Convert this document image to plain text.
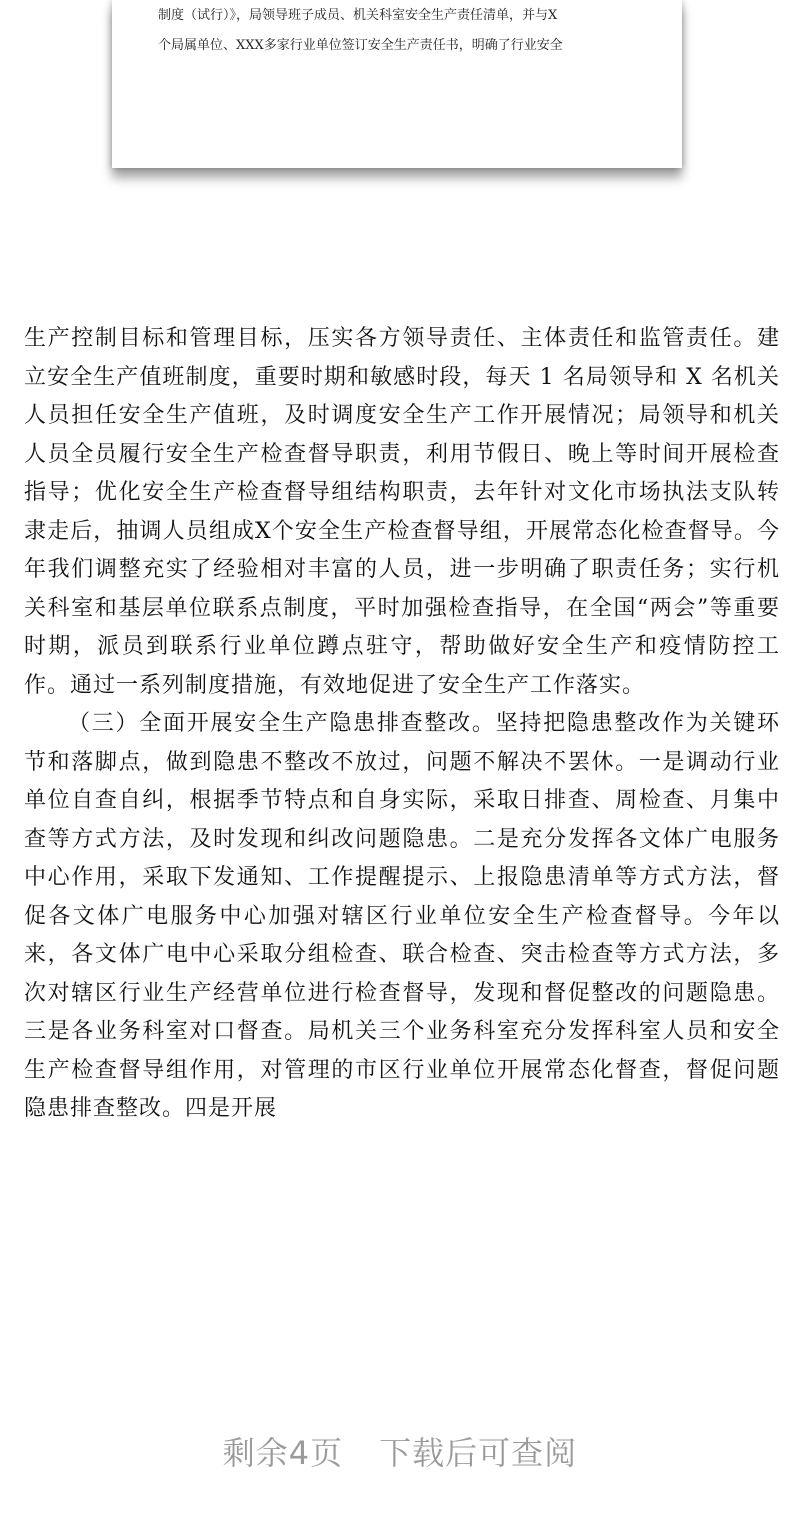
制度（试行）》，局领导班子成员、机关科室安全生产责任清单，并与X
个局属单位、XXX多家行业单位签订安全生产责任书，明确了行业安全

生产控制目标和管理目标，压实各方领导责任、主体责任和监管责任。建立安全生产值班制度，重要时期和敏感时段，每天 1 名局领导和 X 名机关人员担任安全生产值班，及时调度安全生产工作开展情况；局领导和机关人员全员履行安全生产检查督导职责，利用节假日、晚上等时间开展检查指导；优化安全生产检查督导组结构职责，去年针对文化市场执法支队转隶走后，抽调人员组成X个安全生产检查督导组，开展常态化检查督导。今年我们调整充实了经验相对丰富的人员，进一步明确了职责任务；实行机关科室和基层单位联系点制度，平时加强检查指导，在全国“两会”等重要时期，派员到联系行业单位蹲点驻守，帮助做好安全生产和疫情防控工作。通过一系列制度措施，有效地促进了安全生产工作落实。

（三）全面开展安全生产隐患排查整改。坚持把隐患整改作为关键环节和落脚点，做到隐患不整改不放过，问题不解决不罢休。一是调动行业单位自查自纠，根据季节特点和自身实际，采取日排查、周检查、月集中查等方式方法，及时发现和纠改问题隐患。二是充分发挥各文体广电服务中心作用，采取下发通知、工作提醒提示、上报隐患清单等方式方法，督促各文体广电服务中心加强对辖区行业单位安全生产检查督导。今年以来，各文体广电中心采取分组检查、联合检查、突击检查等方式方法，多次对辖区行业生产经营单位进行检查督导，发现和督促整改的问题隐患。三是各业务科室对口督查。局机关三个业务科室充分发挥科室人员和安全生产检查督导组作用，对管理的市区行业单位开展常态化督查，督促问题隐患排查整改。四是开展

剩余4页 下载后可查阅
